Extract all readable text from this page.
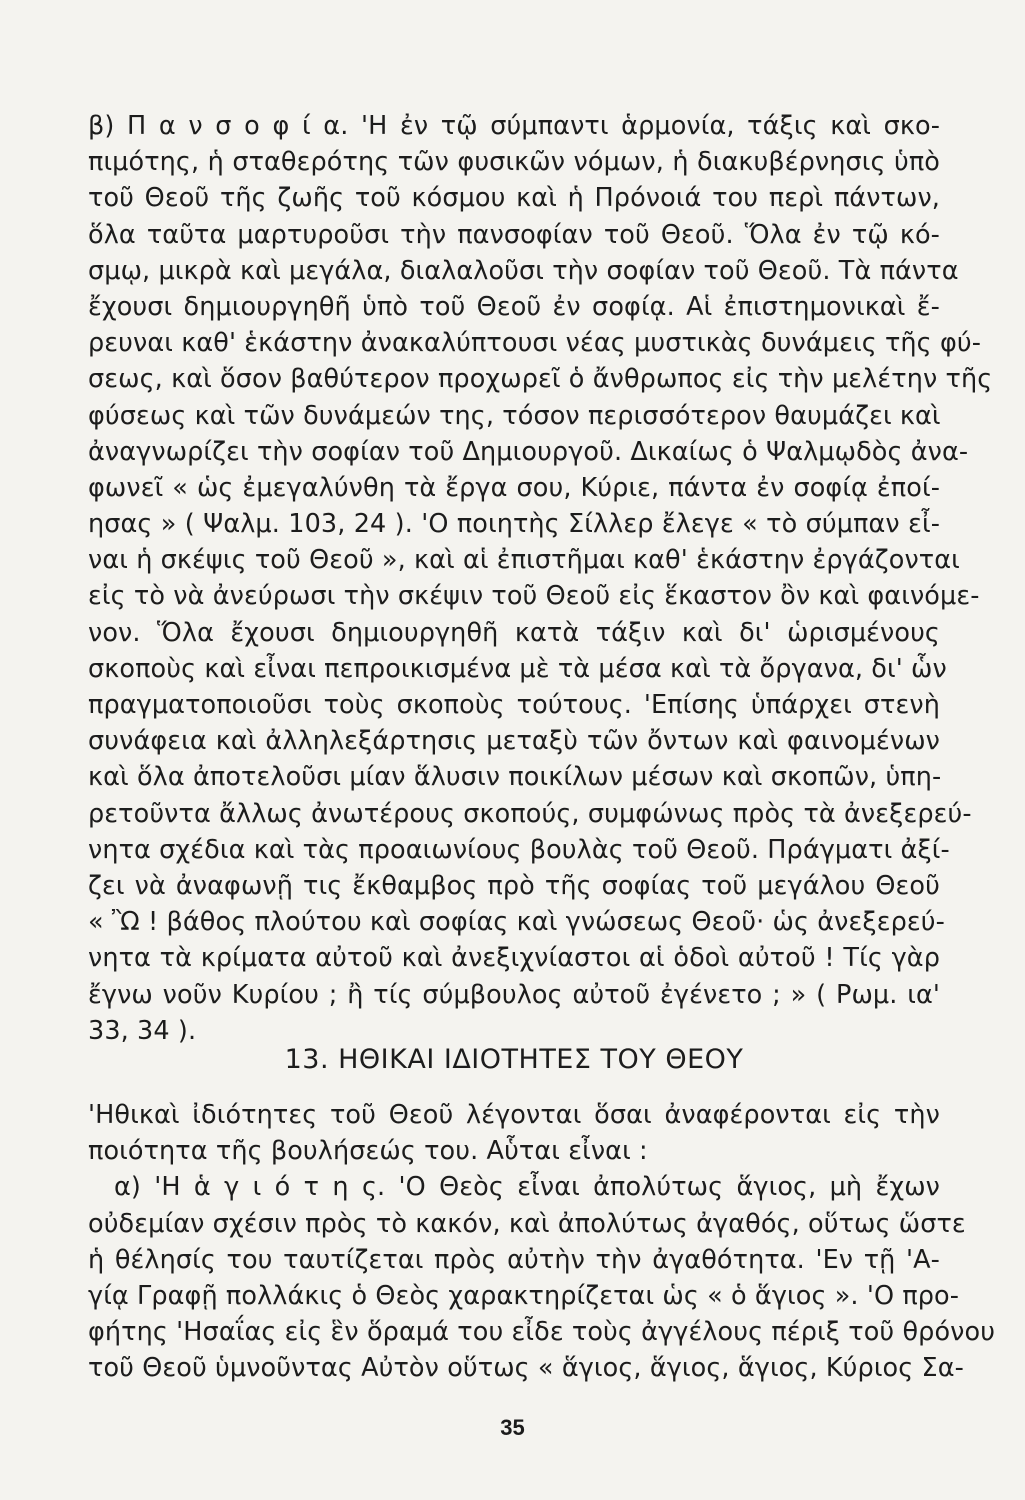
β) Π α ν σ ο φ ί α. 'Η ἐν τῷ σύμπαντι ἁρμονία, τάξις καὶ σκο-
πιμότης, ἡ σταθερότης τῶν φυσικῶν νόμων, ἡ διακυβέρνησις ὑπὸ
τοῦ Θεοῦ τῆς ζωῆς τοῦ κόσμου καὶ ἡ Πρόνοιά του περὶ πάντων,
ὅλα ταῦτα μαρτυροῦσι τὴν πανσοφίαν τοῦ Θεοῦ. Ὅλα ἐν τῷ κό-
σμῳ, μικρὰ καὶ μεγάλα, διαλαλοῦσι τὴν σοφίαν τοῦ Θεοῦ. Τὰ πάντα
ἔχουσι δημιουργηθῆ ὑπὸ τοῦ Θεοῦ ἐν σοφίᾳ. Αἱ ἐπιστημονικαὶ ἔ-
ρευναι καθ' ἑκάστην ἀνακαλύπτουσι νέας μυστικὰς δυνάμεις τῆς φύ-
σεως, καὶ ὅσον βαθύτερον προχωρεῖ ὁ ἄνθρωπος εἰς τὴν μελέτην τῆς
φύσεως καὶ τῶν δυνάμεών της, τόσον περισσότερον θαυμάζει καὶ
ἀναγνωρίζει τὴν σοφίαν τοῦ Δημιουργοῦ. Δικαίως ὁ Ψαλμῳδὸς ἀνα-
φωνεῖ « ὡς ἐμεγαλύνθη τὰ ἔργα σου, Κύριε, πάντα ἐν σοφίᾳ ἐποί-
ησας » ( Ψαλμ. 103, 24 ). 'Ο ποιητὴς Σίλλερ ἔλεγε « τὸ σύμπαν εἶ-
ναι ἡ σκέψις τοῦ Θεοῦ », καὶ αἱ ἐπιστῆμαι καθ' ἑκάστην ἐργάζονται
εἰς τὸ νὰ ἀνεύρωσι τὴν σκέψιν τοῦ Θεοῦ εἰς ἕκαστον ὂν καὶ φαινόμε-
νον. Ὅλα ἔχουσι δημιουργηθῆ κατὰ τάξιν καὶ δι' ὡρισμένους
σκοποὺς καὶ εἶναι πεπροικισμένα μὲ τὰ μέσα καὶ τὰ ὄργανα, δι' ὧν
πραγματοποιοῦσι τοὺς σκοποὺς τούτους. 'Επίσης ὑπάρχει στενὴ
συνάφεια καὶ ἀλληλεξάρτησις μεταξὺ τῶν ὄντων καὶ φαινομένων
καὶ ὅλα ἀποτελοῦσι μίαν ἅλυσιν ποικίλων μέσων καὶ σκοπῶν, ὑπη-
ρετοῦντα ἄλλως ἀνωτέρους σκοπούς, συμφώνως πρὸς τὰ ἀνεξερεύ-
νητα σχέδια καὶ τὰς προαιωνίους βουλὰς τοῦ Θεοῦ. Πράγματι ἀξί-
ζει νὰ ἀναφωνῇ τις ἔκθαμβος πρὸ τῆς σοφίας τοῦ μεγάλου Θεοῦ
« Ὢ ! βάθος πλούτου καὶ σοφίας καὶ γνώσεως Θεοῦ· ὡς ἀνεξερεύ-
νητα τὰ κρίματα αὐτοῦ καὶ ἀνεξιχνίαστοι αἱ ὁδοὶ αὐτοῦ ! Τίς γὰρ
ἔγνω νοῦν Κυρίου ; ἢ τίς σύμβουλος αὐτοῦ ἐγένετο ; » ( Ρωμ. ια'
33, 34 ).
13. ΗΘΙΚΑΙ ΙΔΙΟΤΗΤΕΣ ΤΟΥ ΘΕΟΥ
'Ηθικαὶ ἰδιότητες τοῦ Θεοῦ λέγονται ὅσαι ἀναφέρονται εἰς τὴν
ποιότητα τῆς βουλήσεώς του. Αὗται εἶναι :
α) 'Η ἁ γ ι ό τ η ς. 'Ο Θεὸς εἶναι ἀπολύτως ἅγιος, μὴ ἔχων
οὐδεμίαν σχέσιν πρὸς τὸ κακόν, καὶ ἀπολύτως ἀγαθός, οὕτως ὥστε
ἡ θέλησίς του ταυτίζεται πρὸς αὐτὴν τὴν ἀγαθότητα. 'Εν τῇ 'Α-
γίᾳ Γραφῇ πολλάκις ὁ Θεὸς χαρακτηρίζεται ὡς « ὁ ἅγιος ». 'Ο προ-
φήτης 'Ησαΐας εἰς ἓν ὅραμά του εἶδε τοὺς ἀγγέλους πέριξ τοῦ θρόνου
τοῦ Θεοῦ ὑμνοῦντας Αὐτὸν οὕτως « ἅγιος, ἅγιος, ἅγιος, Κύριος Σα-
35
